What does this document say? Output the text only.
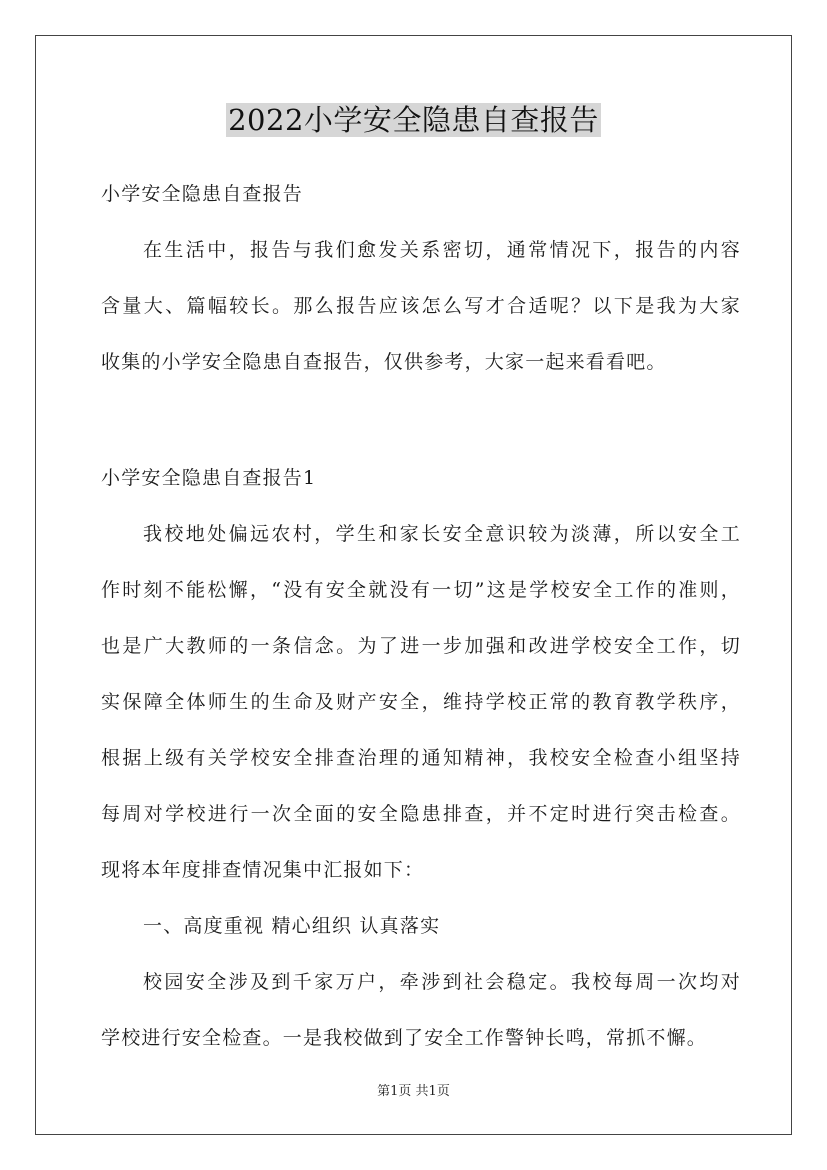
2022小学安全隐患自查报告

小学安全隐患自查报告

在生活中，报告与我们愈发关系密切，通常情况下，报告的内容

含量大、篇幅较长。那么报告应该怎么写才合适呢？以下是我为大家

收集的小学安全隐患自查报告，仅供参考，大家一起来看看吧。

小学安全隐患自查报告1

我校地处偏远农村，学生和家长安全意识较为淡薄，所以安全工

作时刻不能松懈，“没有安全就没有一切”这是学校安全工作的准则，

也是广大教师的一条信念。为了进一步加强和改进学校安全工作，切

实保障全体师生的生命及财产安全，维持学校正常的教育教学秩序，

根据上级有关学校安全排查治理的通知精神，我校安全检查小组坚持

每周对学校进行一次全面的安全隐患排查，并不定时进行突击检查。

现将本年度排查情况集中汇报如下：

一、高度重视 精心组织 认真落实

校园安全涉及到千家万户，牵涉到社会稳定。我校每周一次均对

学校进行安全检查。一是我校做到了安全工作警钟长鸣，常抓不懈。

第1页 共1页
